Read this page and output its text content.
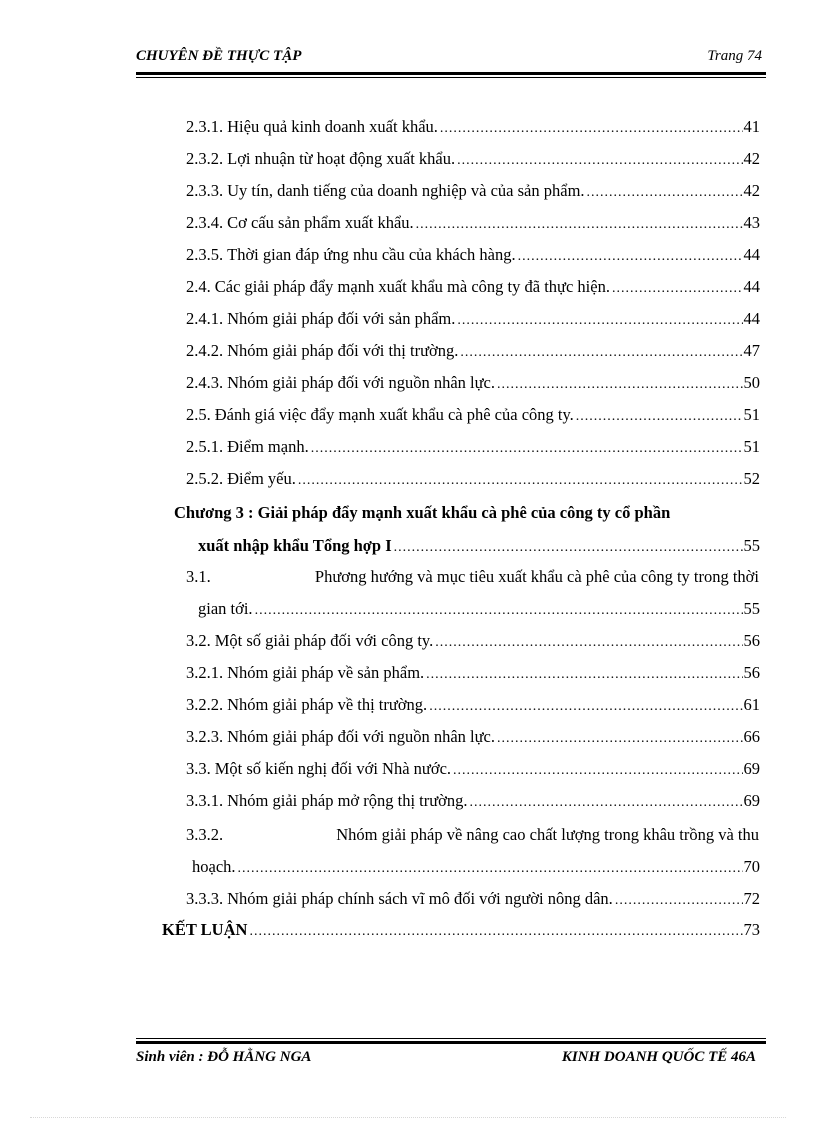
CHUYÊN ĐỀ THỰC TẬP	Trang 74
2.3.1. Hiệu quả kinh doanh xuất khẩu. .....	41
2.3.2. Lợi nhuận từ hoạt động xuất khẩu. .....	42
2.3.3. Uy tín, danh tiếng của doanh nghiệp và của sản phẩm. .....	42
2.3.4. Cơ cấu sản phẩm xuất khẩu. .....	43
2.3.5. Thời gian đáp ứng nhu cầu của khách hàng. .....	44
2.4. Các giải pháp đẩy mạnh xuất khẩu mà công ty đã thực hiện. .....	44
2.4.1. Nhóm giải pháp đối với sản phẩm. .....	44
2.4.2. Nhóm giải pháp đối với thị trường. .....	47
2.4.3. Nhóm giải pháp đối với nguồn nhân lực. .....	50
2.5. Đánh giá việc đẩy mạnh xuất khẩu cà phê của công ty. .....	51
2.5.1. Điểm mạnh. .....	51
2.5.2. Điểm yếu. .....	52
Chương 3 : Giải pháp đẩy mạnh xuất khẩu cà phê của công ty cổ phần
xuất nhập khẩu Tổng hợp I .....	55
3.1.	Phương hướng và mục tiêu xuất khẩu cà phê của công ty trong thời
gian tới. .....	55
3.2. Một số giải pháp đối với công ty. .....	56
3.2.1. Nhóm giải pháp về sản phẩm. .....	56
3.2.2. Nhóm giải pháp về thị trường. .....	61
3.2.3. Nhóm giải pháp đối với nguồn nhân lực. .....	66
3.3. Một số kiến nghị đối với Nhà nước. .....	69
3.3.1. Nhóm giải pháp mở rộng thị trường. .....	69
3.3.2.	Nhóm giải pháp về nâng cao chất lượng trong khâu trồng và thu
hoạch. .....	70
3.3.3. Nhóm giải pháp chính sách vĩ mô đối với người nông dân. .....	72
KẾT LUẬN .....	73
Sinh viên : ĐỖ HẰNG NGA	KINH DOANH QUỐC TẾ 46A
